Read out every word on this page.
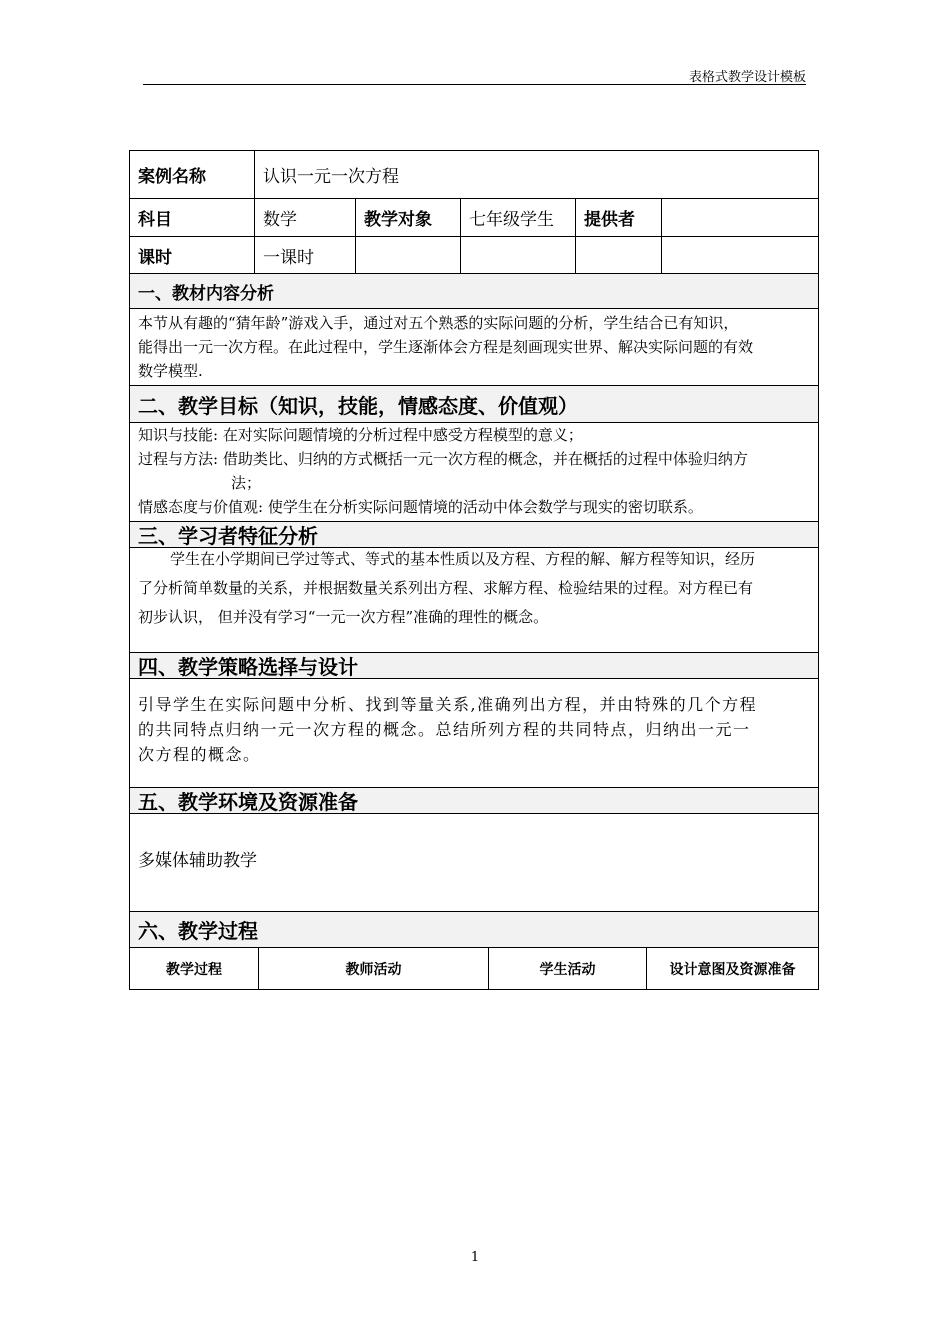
表格式教学设计模板
案例名称	认识一元一次方程
科目	数学	教学对象	七年级学生	提供者
课时	一课时
一、教材内容分析
本节从有趣的“猜年龄”游戏入手，通过对五个熟悉的实际问题的分析，学生结合已有知识，
能得出一元一次方程。在此过程中，学生逐渐体会方程是刻画现实世界、解决实际问题的有效
数学模型.
二、教学目标（知识，技能，情感态度、价值观）
知识与技能: 在对实际问题情境的分析过程中感受方程模型的意义；
过程与方法: 借助类比、归纳的方式概括一元一次方程的概念，并在概括的过程中体验归纳方
法；
情感态度与价值观: 使学生在分析实际问题情境的活动中体会数学与现实的密切联系。
三、学习者特征分析
学生在小学期间已学过等式、等式的基本性质以及方程、方程的解、解方程等知识，经历
了分析简单数量的关系，并根据数量关系列出方程、求解方程、检验结果的过程。对方程已有
初步认识， 但并没有学习“一元一次方程”准确的理性的概念。
四、教学策略选择与设计
引导学生在实际问题中分析、找到等量关系,准确列出方程，并由特殊的几个方程
的共同特点归纳一元一次方程的概念。总结所列方程的共同特点，归纳出一元一
次方程的概念。
五、教学环境及资源准备
多媒体辅助教学
六、教学过程
教学过程	教师活动	学生活动	设计意图及资源准备
1
